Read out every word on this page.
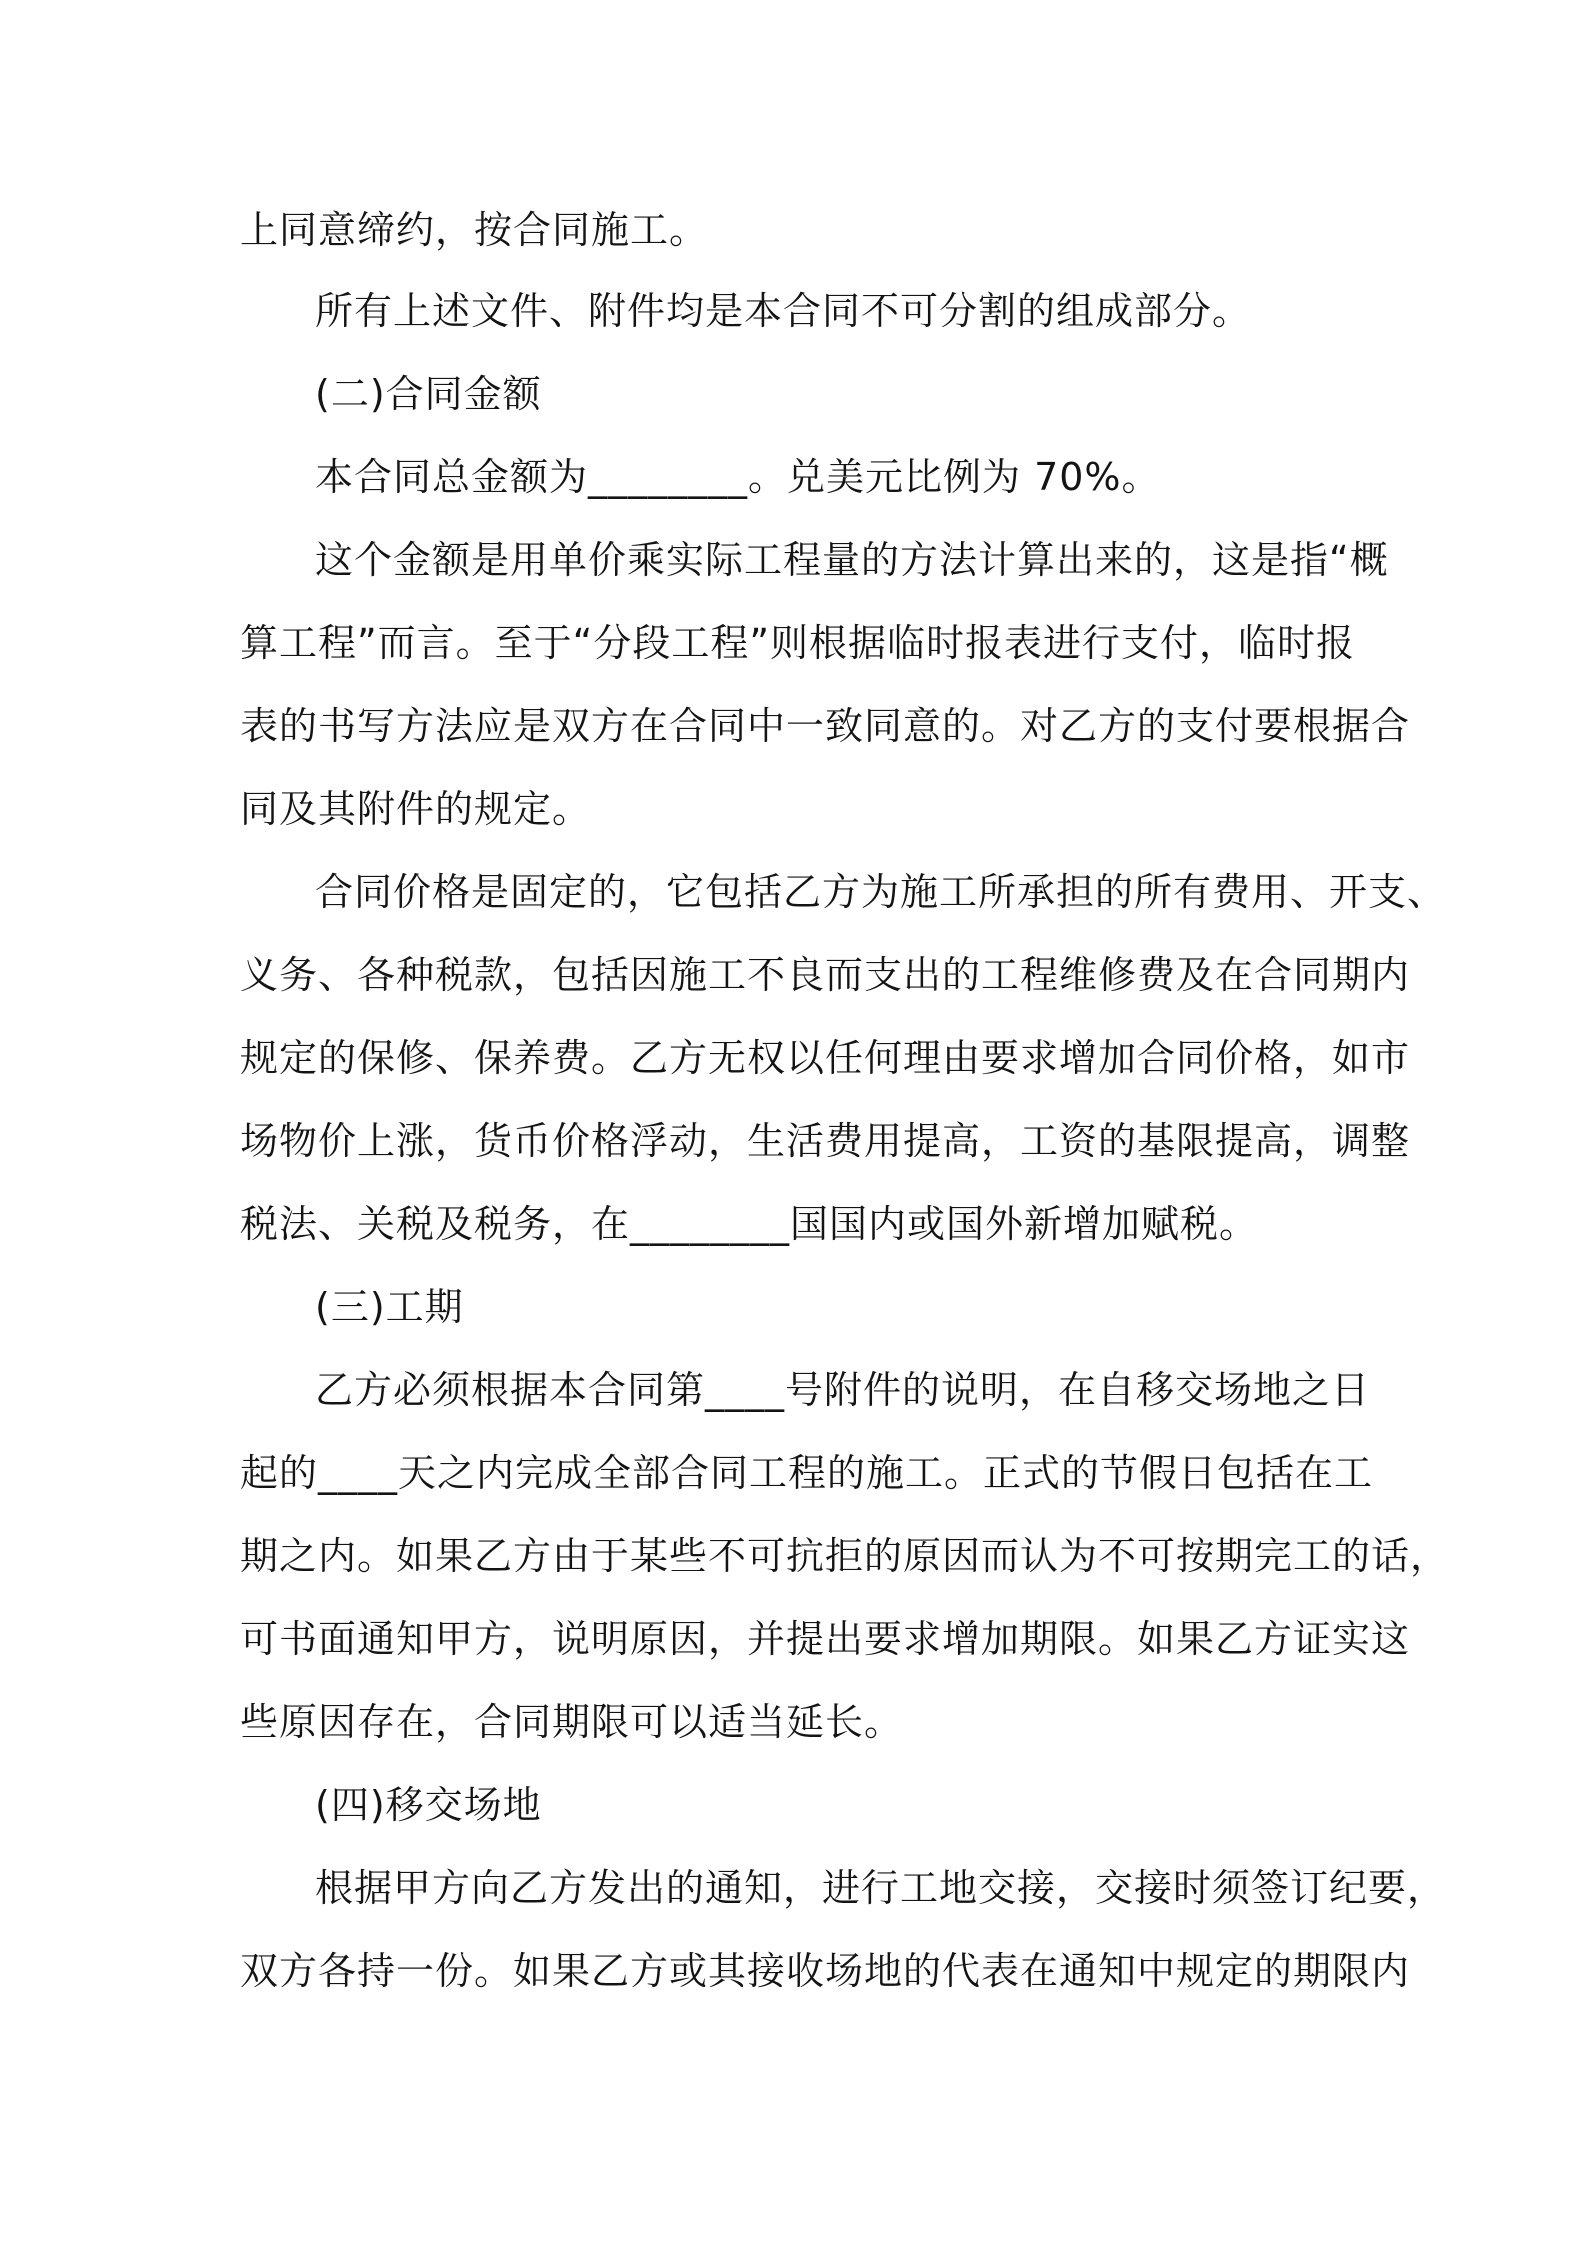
上同意缔约，按合同施工。
所有上述文件、附件均是本合同不可分割的组成部分。
(二)合同金额
本合同总金额为________。兑美元比例为 70%。
这个金额是用单价乘实际工程量的方法计算出来的，这是指“概
算工程”而言。至于“分段工程”则根据临时报表进行支付，临时报
表的书写方法应是双方在合同中一致同意的。对乙方的支付要根据合
同及其附件的规定。
合同价格是固定的，它包括乙方为施工所承担的所有费用、开支、
义务、各种税款，包括因施工不良而支出的工程维修费及在合同期内
规定的保修、保养费。乙方无权以任何理由要求增加合同价格，如市
场物价上涨，货币价格浮动，生活费用提高，工资的基限提高，调整
税法、关税及税务，在________国国内或国外新增加赋税。
(三)工期
乙方必须根据本合同第____号附件的说明，在自移交场地之日
起的____天之内完成全部合同工程的施工。正式的节假日包括在工
期之内。如果乙方由于某些不可抗拒的原因而认为不可按期完工的话，
可书面通知甲方，说明原因，并提出要求增加期限。如果乙方证实这
些原因存在，合同期限可以适当延长。
(四)移交场地
根据甲方向乙方发出的通知，进行工地交接，交接时须签订纪要，
双方各持一份。如果乙方或其接收场地的代表在通知中规定的期限内
